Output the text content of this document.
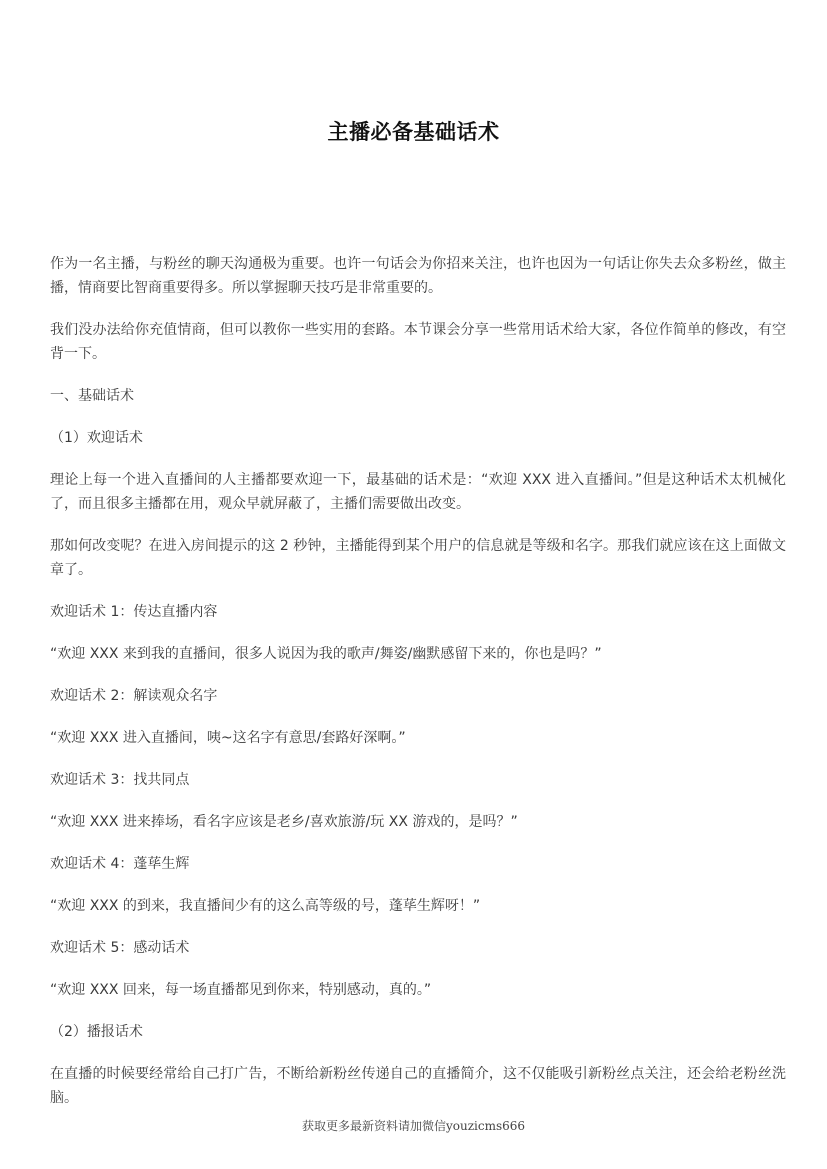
主播必备基础话术

作为一名主播，与粉丝的聊天沟通极为重要。也许一句话会为你招来关注，也许也因为一句话让你失去众多粉丝，做主播，情商要比智商重要得多。所以掌握聊天技巧是非常重要的。

我们没办法给你充值情商，但可以教你一些实用的套路。本节课会分享一些常用话术给大家，各位作简单的修改，有空背一下。

一、基础话术

（1）欢迎话术

理论上每一个进入直播间的人主播都要欢迎一下，最基础的话术是：“欢迎 XXX 进入直播间。”但是这种话术太机械化了，而且很多主播都在用，观众早就屏蔽了，主播们需要做出改变。

那如何改变呢？在进入房间提示的这 2 秒钟，主播能得到某个用户的信息就是等级和名字。那我们就应该在这上面做文章了。

欢迎话术 1：传达直播内容

“欢迎 XXX 来到我的直播间，很多人说因为我的歌声/舞姿/幽默感留下来的，你也是吗？”

欢迎话术 2：解读观众名字

“欢迎 XXX 进入直播间，咦~这名字有意思/套路好深啊。”

欢迎话术 3：找共同点

“欢迎 XXX 进来捧场，看名字应该是老乡/喜欢旅游/玩 XX 游戏的，是吗？”

欢迎话术 4：蓬荜生辉

“欢迎 XXX 的到来，我直播间少有的这么高等级的号，蓬荜生辉呀！”

欢迎话术 5：感动话术

“欢迎 XXX 回来，每一场直播都见到你来，特别感动，真的。”

（2）播报话术

在直播的时候要经常给自己打广告，不断给新粉丝传递自己的直播简介，这不仅能吸引新粉丝点关注，还会给老粉丝洗脑。

获取更多最新资料请加微信youzicms666
